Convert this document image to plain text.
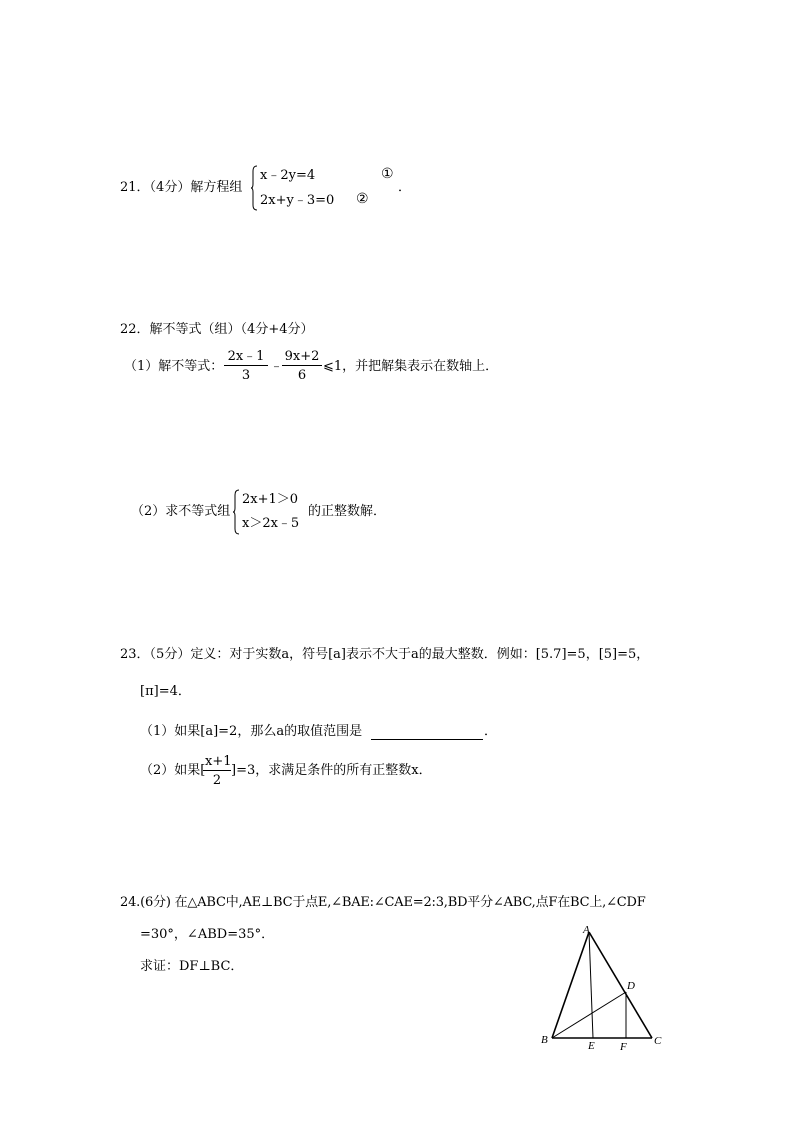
21．（4分）解方程组
x﹣2y=4
2x+y﹣3=0
①
②
．
22．解不等式（组）（4分+4分）
（1）解不等式： $\frac{2x﹣1}{3}$ ﹣
$\frac{9x+2}{6}$ ⩽1，并把解集表示在数轴上．
（2）求不等式组
2x+1＞0
x＞2x﹣5
的正整数解．
23．（5分）定义：对于实数a，符号[a]表示不大于a的最大整数．例如：[5.7]=5，[5]=5，
[π]=4．
（1）如果[a]=2，那么a的取值范围是	．
（2）如果[
$\frac{x+1}{2} ]=3$，求满足条件的所有正整数x．
24.(6分) 在△ABC中,AE⊥BC于点E,∠BAE:∠CAE=2:3,BD平分∠ABC,点F在BC上,∠CDF
=30°，∠ABD=35°．
求证：DF⊥BC．
A
B	C
D
E F
